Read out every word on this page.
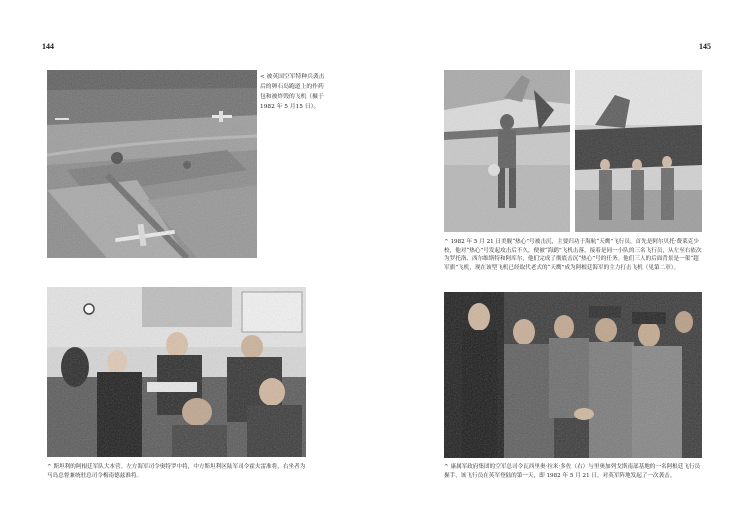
144	145
< 被英国空军特种兵袭击后的卵石岛跑道上的作药包和被炸毁的飞机（摄于 1982 年 5 月15 日）。
^ 斯坦利的阿根廷军队大本营。左方海军司令奥特罗中将，中方斯坦利区陆军司令霍夫雷准将，右坐者为马岛总督兼统驻总司令梅南德兹准将。
^ 1982 年 5 月 21 日美舰“热心”号被击沉，主要归功于海航“天鹰”飞行员，首先是阿尔贝托·费莱克少校，他对“热心”号发起攻击后不久，便被“海鹞”飞机击落，接着是同一小队的三名飞行员，从左至右依次为罗托洛、西尔维斯特和阿库尔，他们完成了彻底击沉“热心”号的任务。他们三人的后面背景是一架“超军旗”飞机，现在该型飞机已经取代老式的“天鹰”成为阿根廷海军的主力打击飞机（见第二章）。
^ 康属军政府集团的空军总司令瓦西里奥·拉米·多佐（右）与里奥加列戈斯南部基地的一名阿根廷飞行员握手，该飞行员在英军登陆的第一天，即 1982 年 5 月 21 日，对英军阵地发起了一次袭击。
